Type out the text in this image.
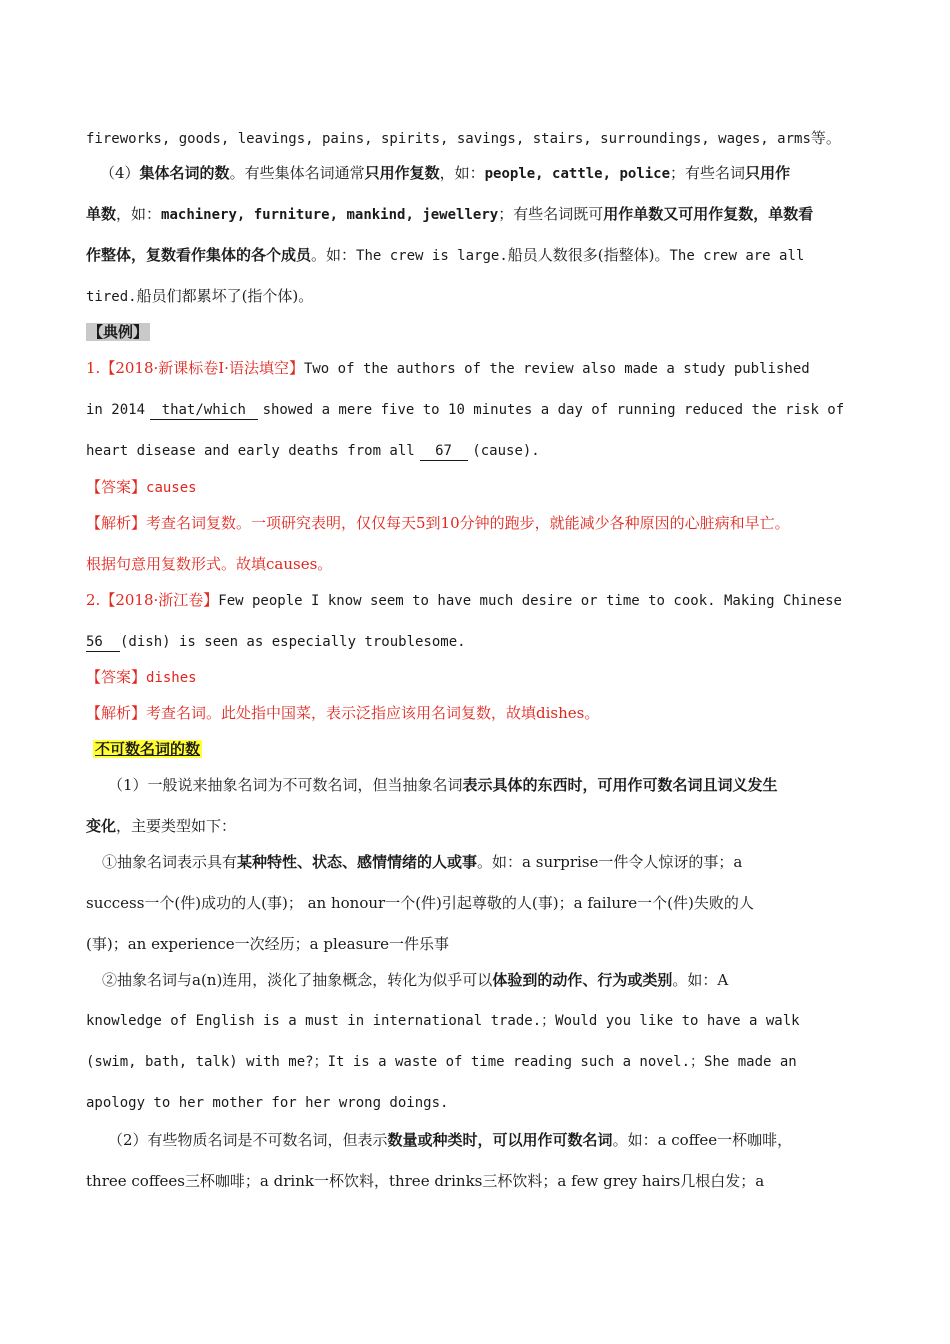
fireworks, goods, leavings, pains, spirits, savings, stairs, surroundings, wages, arms等。
（4）集体名词的数。有些集体名词通常只用作复数，如：people, cattle, police；有些名词只用作
单数，如：machinery, furniture, mankind, jewellery；有些名词既可用作单数又可用作复数，单数看
作整体，复数看作集体的各个成员。如：The crew is large.船员人数很多(指整体)。The crew are all
tired.船员们都累坏了(指个体)。
【典例】
1.【2018·新课标卷Ⅰ·语法填空】Two of the authors of the review also made a study published
in 2014 that/which showed a mere five to 10 minutes a day of running reduced the risk of
heart disease and early deaths from all 67 (cause).
【答案】causes
【解析】考查名词复数。一项研究表明，仅仅每天5到10分钟的跑步，就能减少各种原因的心脏病和早亡。
根据句意用复数形式。故填causes。
2.【2018·浙江卷】Few people I know seem to have much desire or time to cook. Making Chinese
56 (dish) is seen as especially troublesome.
【答案】dishes
【解析】考查名词。此处指中国菜，表示泛指应该用名词复数，故填dishes。
不可数名词的数
（1）一般说来抽象名词为不可数名词，但当抽象名词表示具体的东西时，可用作可数名词且词义发生
变化，主要类型如下：
①抽象名词表示具有某种特性、状态、感情情绪的人或事。如：a surprise一件令人惊讶的事；a
success一个(件)成功的人(事)； an honour一个(件)引起尊敬的人(事)；a failure一个(件)失败的人
(事)；an experience一次经历；a pleasure一件乐事
②抽象名词与a(n)连用，淡化了抽象概念，转化为似乎可以体验到的动作、行为或类别。如：A
knowledge of English is a must in international trade.；Would you like to have a walk
(swim, bath, talk) with me?；It is a waste of time reading such a novel.；She made an
apology to her mother for her wrong doings.
（2）有些物质名词是不可数名词，但表示数量或种类时，可以用作可数名词。如：a coffee一杯咖啡，
three coffees三杯咖啡；a drink一杯饮料，three drinks三杯饮料；a few grey hairs几根白发；a
